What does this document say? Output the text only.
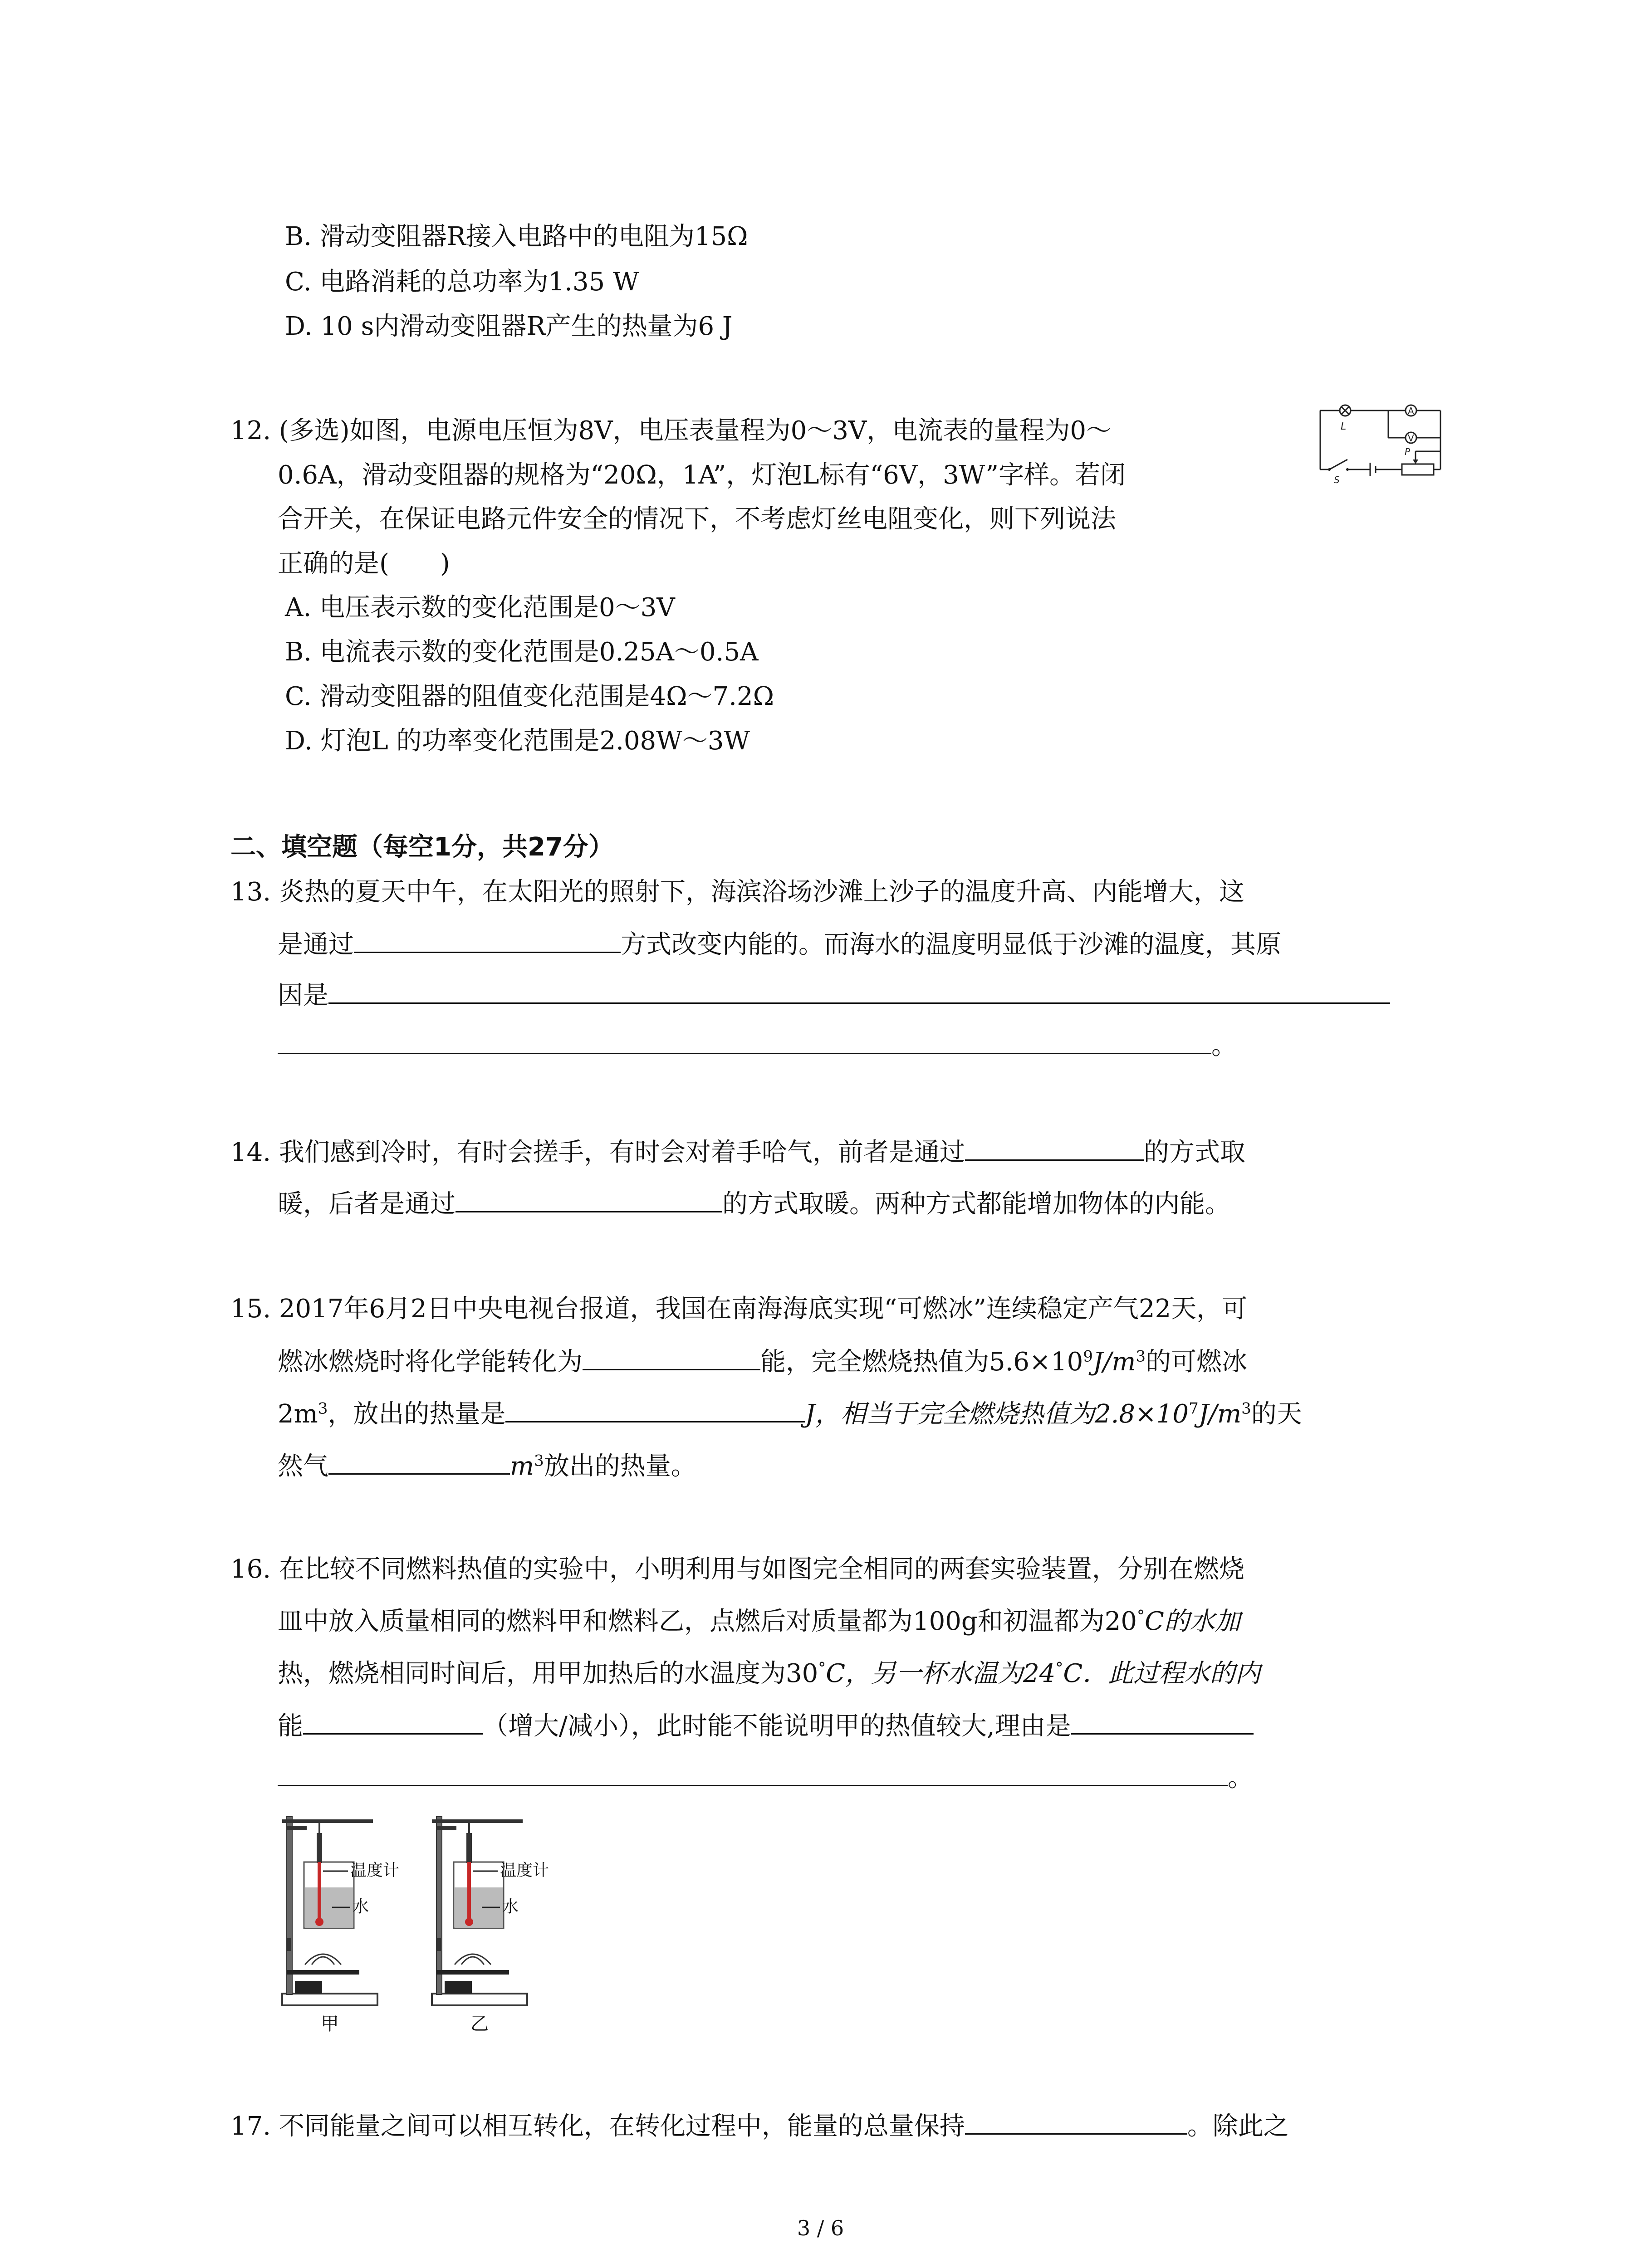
B. 滑动变阻器R接入电路中的电阻为15Ω
C. 电路消耗的总功率为1.35 W
D. 10 s内滑动变阻器R产生的热量为6 J
12. (多选)如图，电源电压恒为8V，电压表量程为0～3V，电流表的量程为0～
0.6A，滑动变阻器的规格为“20Ω，1A”，灯泡L标有“6V，3W”字样。若闭
合开关，在保证电路元件安全的情况下，不考虑灯丝电阻变化，则下列说法
正确的是(　　)
A. 电压表示数的变化范围是0～3V
B. 电流表示数的变化范围是0.25A～0.5A
C. 滑动变阻器的阻值变化范围是4Ω～7.2Ω
D. 灯泡L 的功率变化范围是2.08W～3W
L
A
V
P
S
二、填空题（每空1分，共27分）
13. 炎热的夏天中午，在太阳光的照射下，海滨浴场沙滩上沙子的温度升高、内能增大，这
是通过	方式改变内能的。而海水的温度明显低于沙滩的温度，其原
因是
。
14. 我们感到冷时，有时会搓手，有时会对着手哈气，前者是通过	的方式取
暖，后者是通过	的方式取暖。两种方式都能增加物体的内能。
15. 2017年6月2日中央电视台报道，我国在南海海底实现“可燃冰”连续稳定产气22天，可
燃冰燃烧时将化学能转化为	能，完全燃烧热值为$5.6\times 10^9J/m^3$的可燃冰
$2m^3$，放出的热量是	J，相当于完全燃烧热值为$2.8\times 10^7J/m^3$的天
然气	$m^3$放出的热量。
16. 在比较不同燃料热值的实验中，小明利用与如图完全相同的两套实验装置，分别在燃烧
皿中放入质量相同的燃料甲和燃料乙，点燃后对质量都为100g和初温都为20°C的水加
热，燃烧相同时间后，用甲加热后的水温度为30°C，另一杯水温为24°C．此过程水的内
能	（增大/减小），此时能不能说明甲的热值较大,理由是
。
温度计
水
甲
温度计
水
乙
17. 不同能量之间可以相互转化，在转化过程中，能量的总量保持	。除此之
3 / 6
